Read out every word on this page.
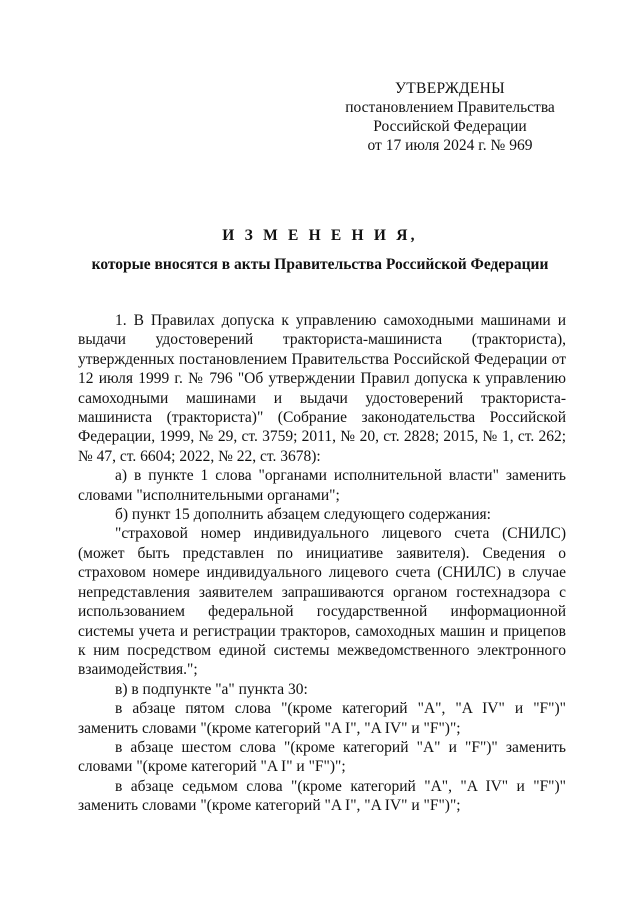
УТВЕРЖДЕНЫ
постановлением Правительства
Российской Федерации
от 17 июля 2024 г. № 969
И З М Е Н Е Н И Я,
которые вносятся в акты Правительства Российской Федерации

1. В Правилах допуска к управлению самоходными машинами и выдачи удостоверений тракториста-машиниста (тракториста), утвержденных постановлением Правительства Российской Федерации от 12 июля 1999 г. № 796 "Об утверждении Правил допуска к управлению самоходными машинами и выдачи удостоверений тракториста-машиниста (тракториста)" (Собрание законодательства Российской Федерации, 1999, № 29, ст. 3759; 2011, № 20, ст. 2828; 2015, № 1, ст. 262; № 47, ст. 6604; 2022, № 22, ст. 3678):

а) в пункте 1 слова "органами исполнительной власти" заменить словами "исполнительными органами";

б) пункт 15 дополнить абзацем следующего содержания:

"страховой номер индивидуального лицевого счета (СНИЛС) (может быть представлен по инициативе заявителя). Сведения о страховом номере индивидуального лицевого счета (СНИЛС) в случае непредставления заявителем запрашиваются органом гостехнадзора с использованием федеральной государственной информационной системы учета и регистрации тракторов, самоходных машин и прицепов к ним посредством единой системы межведомственного электронного взаимодействия.";

в) в подпункте "а" пункта 30:

в абзаце пятом слова "(кроме категорий "A", "A IV" и "F")" заменить словами "(кроме категорий "A I", "A IV" и "F")";

в абзаце шестом слова "(кроме категорий "A" и "F")" заменить словами "(кроме категорий "A I" и "F")";

в абзаце седьмом слова "(кроме категорий "A", "A IV" и "F")" заменить словами "(кроме категорий "A I", "A IV" и "F")";
